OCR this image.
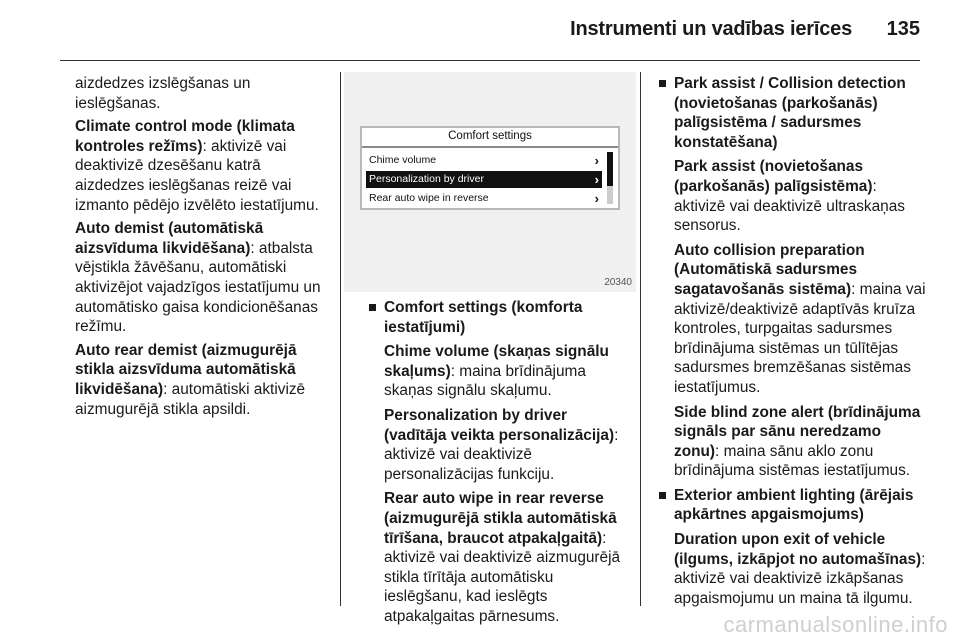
Instrumenti un vadības ierīces 135

aizdedzes izslēgšanas un ieslēgšanas.

Climate control mode (klimata kontroles režīms): aktivizē vai deaktivizē dzesēšanu katrā aizdedzes ieslēgšanas reizē vai izmanto pēdējo izvēlēto iestatījumu.

Auto demist (automātiskā aizsvīduma likvidēšana): atbalsta vējstikla žāvēšanu, automātiski aktivizējot vajadzīgos iestatījumu un automātisko gaisa kondicionēšanas režīmu.

Auto rear demist (aizmugurējā stikla aizsvīduma automātiskā likvidēšana): automātiski aktivizē aizmugurējā stikla apsildi.

Comfort settings
Chime volume	›
Personalization by driver	›
Rear auto wipe in reverse	›
20340
Comfort settings (komforta iestatījumi)
Chime volume (skaņas signālu skaļums): maina brīdinājuma skaņas signālu skaļumu.
Personalization by driver (vadītāja veikta personalizācija): aktivizē vai deaktivizē personalizācijas funkciju.
Rear auto wipe in rear reverse (aizmugurējā stikla automātiskā tīrīšana, braucot atpakaļgaitā): aktivizē vai deaktivizē aizmugurējā stikla tīrītāja automātisku ieslēgšanu, kad ieslēgts atpakaļgaitas pārnesums.
Park assist / Collision detection (novietošanas (parkošanās) palīgsistēma / sadursmes konstatēšana)
Park assist (novietošanas (parkošanās) palīgsistēma): aktivizē vai deaktivizē ultraskaņas sensorus.
Auto collision preparation (Automātiskā sadursmes sagatavošanās sistēma): maina vai aktivizē/deaktivizē adaptīvās kruīza kontroles, turpgaitas sadursmes brīdinājuma sistēmas un tūlītējas sadursmes bremzēšanas sistēmas iestatījumus.
Side blind zone alert (brīdinājuma signāls par sānu neredzamo zonu): maina sānu aklo zonu brīdinājuma sistēmas iestatījumus.
Exterior ambient lighting (ārējais apkārtnes apgaismojums)
Duration upon exit of vehicle (ilgums, izkāpjot no automašīnas): aktivizē vai deaktivizē izkāpšanas apgaismojumu un maina tā ilgumu.
carmanualsonline.info
